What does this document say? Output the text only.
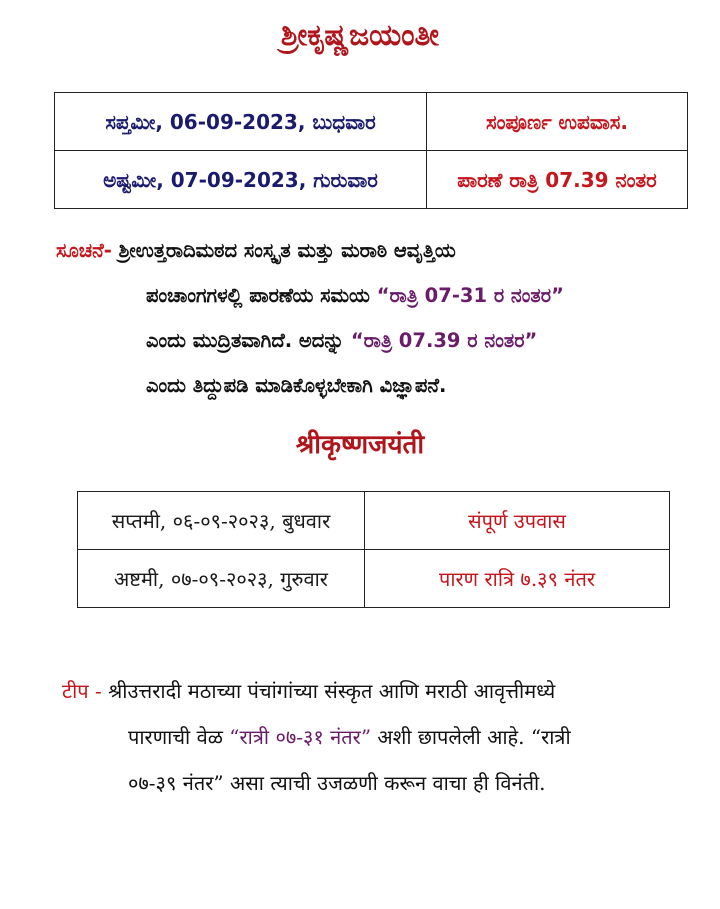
ಶ್ರೀಕೃಷ್ಣಜಯಂತೀ
ಸಪ್ತಮೀ, 06-09-2023, ಬುಧವಾರ	ಸಂಪೂರ್ಣ ಉಪವಾಸ.
ಅಷ್ಟಮೀ, 07-09-2023, ಗುರುವಾರ	ಪಾರಣೆ ರಾತ್ರಿ 07.39 ನಂತರ
ಸೂಚನೆ- ಶ್ರೀಉತ್ತರಾದಿಮಠದ ಸಂಸ್ಕೃತ ಮತ್ತು ಮರಾಠಿ ಆವೃತ್ತಿಯ
ಪಂಚಾಂಗಗಳಲ್ಲಿ ಪಾರಣೆಯ ಸಮಯ “ರಾತ್ರಿ 07-31 ರ ನಂತರ”
ಎಂದು ಮುದ್ರಿತವಾಗಿದೆ. ಅದನ್ನು “ರಾತ್ರಿ 07.39 ರ ನಂತರ”
ಎಂದು ತಿದ್ದುಪಡಿ ಮಾಡಿಕೊಳ್ಳಬೇಕಾಗಿ ವಿಜ್ಞಾಪನೆ.
श्रीकृष्णजयंती
सप्तमी, ०६-०९-२०२३, बुधवार	संपूर्ण उपवास
अष्टमी, ०७-०९-२०२३, गुरुवार	पारण रात्रि ७.३९ नंतर
टीप - श्रीउत्तरादी मठाच्या पंचांगांच्या संस्कृत आणि मराठी आवृत्तीमध्ये
पारणाची वेळ “रात्री ०७-३१ नंतर” अशी छापलेली आहे. “रात्री
०७-३९ नंतर” असा त्याची उजळणी करून वाचा ही विनंती.
